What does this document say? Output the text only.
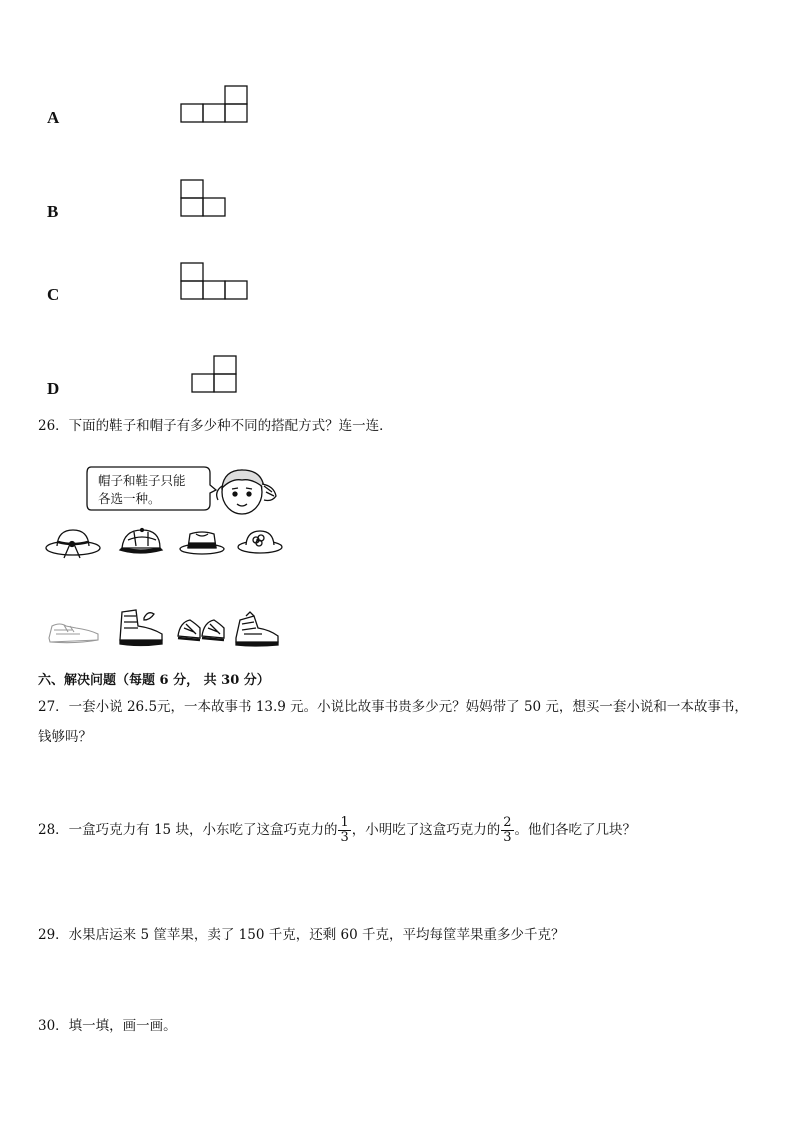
A
B
C
D
26．下面的鞋子和帽子有多少种不同的搭配方式？连一连．
帽子和鞋子只能
各选一种。
六、解决问题（每题 6 分， 共 30 分）
27．一套小说 26.5元，一本故事书 13.9 元。小说比故事书贵多少元？妈妈带了 50 元，想买一套小说和一本故事书，
钱够吗？
28．一盒巧克力有 15 块，小东吃了这盒巧克力的 $\frac{1}{3}$ ，小明吃了这盒巧克力的 $\frac{2}{3}$ 。他们各吃了几块？
29．水果店运来 5 筐苹果，卖了 150 千克，还剩 60 千克，平均每筐苹果重多少千克？
30．填一填，画一画。
